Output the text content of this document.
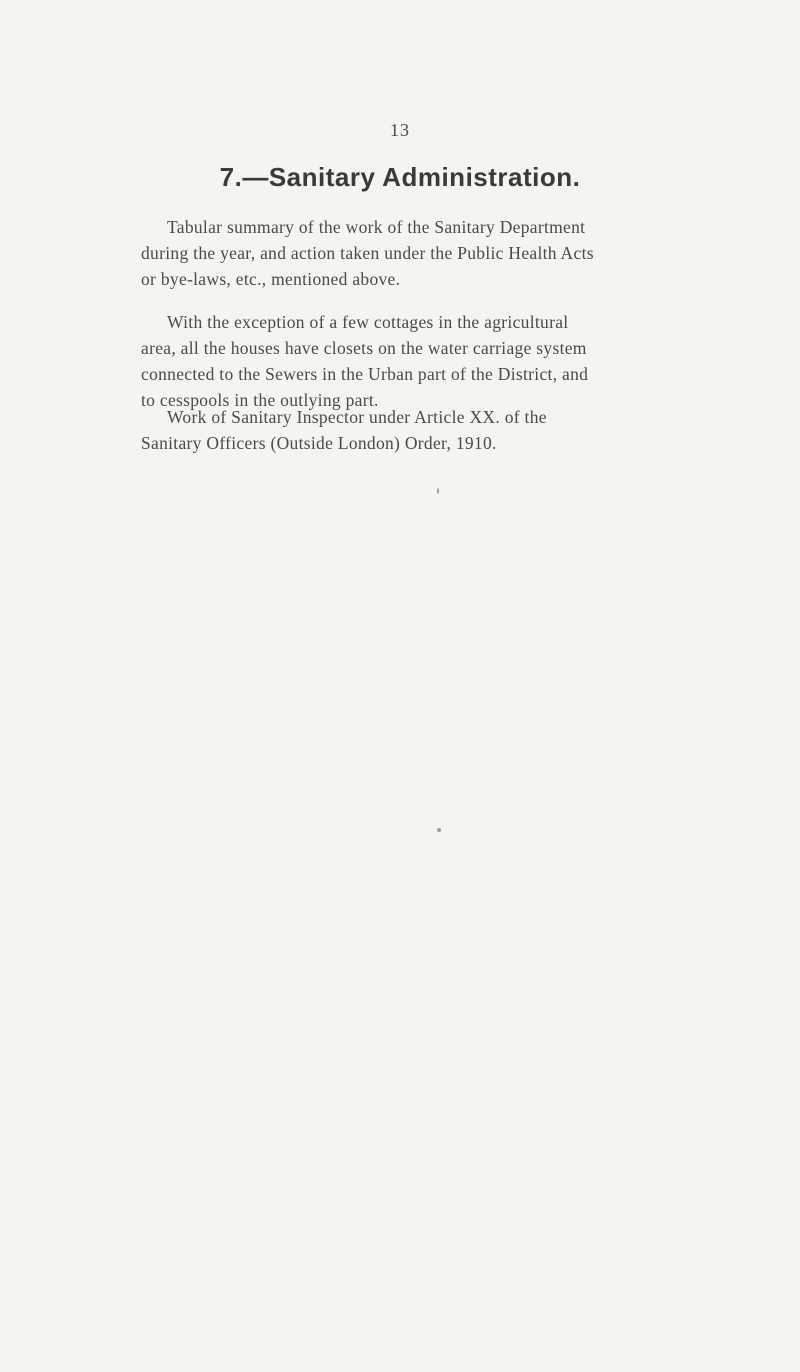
13
7.—Sanitary Administration.
Tabular summary of the work of the Sanitary Department
during the year, and action taken under the Public Health Acts
or bye-laws, etc., mentioned above.
With the exception of a few cottages in the agricultural
area, all the houses have closets on the water carriage system
connected to the Sewers in the Urban part of the District, and
to cesspools in the outlying part.
Work of Sanitary Inspector under Article XX. of the
Sanitary Officers (Outside London) Order, 1910.
